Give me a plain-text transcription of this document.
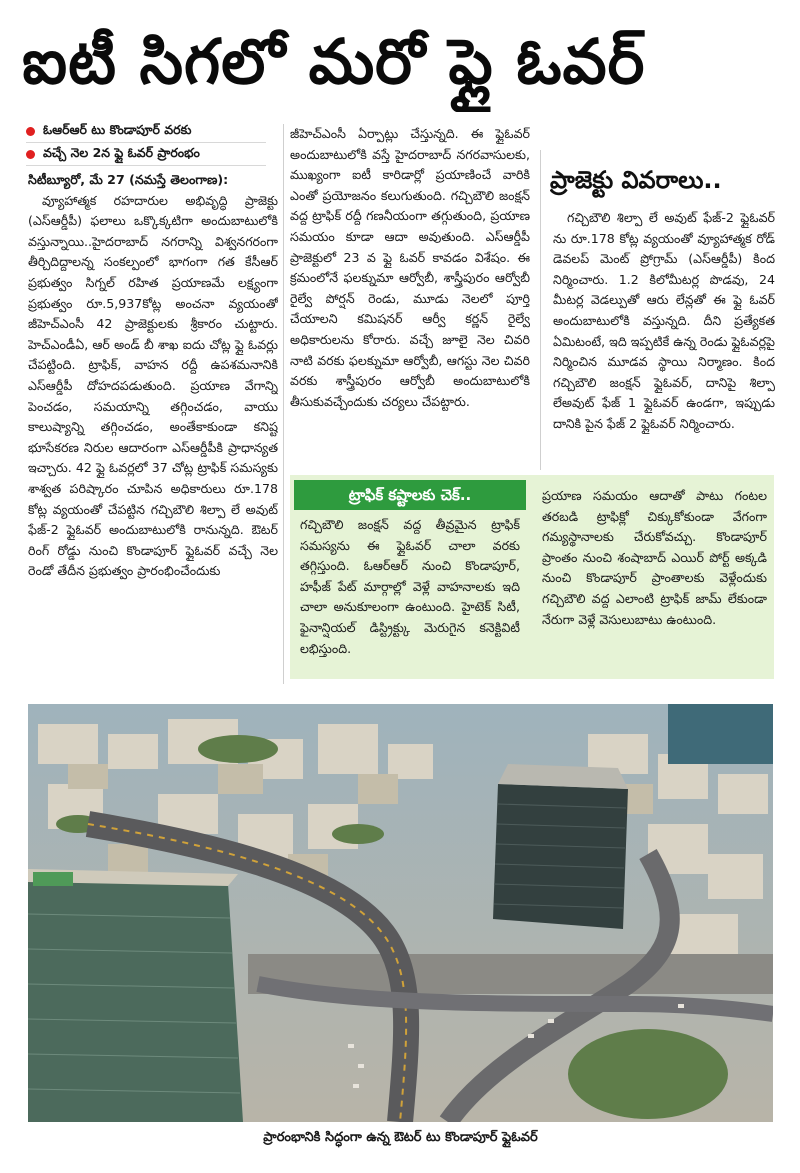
ఐటీ సిగలో మరో ఫ్లై ఓవర్
ఓఆర్ఆర్ టు కొండాపూర్ వరకు
వచ్చే నెల 2న ఫ్లై ఓవర్ ప్రారంభం
సిటీబ్యూరో, మే 27 (నమస్తే తెలంగాణ):

వ్యూహాత్మక రహదారుల అభివృద్ధి ప్రాజెక్టు (ఎస్ఆర్డీపీ) ఫలాలు ఒక్కొక్కటిగా అందుబాటులోకి వస్తున్నాయి..హైదరాబాద్ నగరాన్ని విశ్వనగరంగా తీర్చిదిద్దాలన్న సంకల్పంలో భాగంగా గత కేసీఆర్ ప్రభుత్వం సిగ్నల్ రహిత ప్రయాణమే లక్ష్యంగా ప్రభుత్వం రూ.5,937కోట్ల అంచనా వ్యయంతో జీహెచ్ఎంసీ 42 ప్రాజెక్టులకు శ్రీకారం చుట్టారు. హెచ్ఎండీఏ, ఆర్ అండ్ బీ శాఖ ఐదు చోట్ల ఫ్లై ఓవర్లు చేపట్టింది. ట్రాఫిక్, వాహన రద్దీ ఉపశమనానికి ఎస్ఆర్డీపీ దోహదపడుతుంది. ప్రయాణ వేగాన్ని పెంచడం, సమయాన్ని తగ్గించడం, వాయు కాలుష్యాన్ని తగ్గించడం, అంతేకాకుండా కనిష్ట భూసేకరణ నిరుల ఆదారంగా ఎస్ఆర్డీపీకి ప్రాధాన్యత ఇచ్చారు. 42 ఫ్లై ఓవర్లలో 37 చోట్ల ట్రాఫిక్ సమస్యకు శాశ్వత పరిష్కారం చూపిన అధికారులు రూ.178 కోట్ల వ్యయంతో చేపట్టిన గచ్చిబౌలి శిల్పా లే అవుట్ ఫేజ్-2 ఫ్లైఓవర్ అందుబాటులోకి రానున్నది. ఔటర్ రింగ్ రోడ్డు నుంచి కొండాపూర్ ఫ్లైఓవర్ వచ్చే నెల రెండో తేదీన ప్రభుత్వం ప్రారంభించేందుకు

జీహెచ్ఎంసీ ఏర్పాట్లు చేస్తున్నది. ఈ ఫ్లైఓవర్ అందుబాటులోకి వస్తే హైదరాబాద్ నగరవాసులకు, ముఖ్యంగా ఐటీ కారిడార్లో ప్రయాణించే వారికి ఎంతో ప్రయోజనం కలుగుతుంది. గచ్చిబౌలి జంక్షన్ వద్ద ట్రాఫిక్ రద్దీ గణనీయంగా తగ్గుతుంది, ప్రయాణ సమయం కూడా ఆదా అవుతుంది. ఎస్ఆర్డీపీ ప్రాజెక్టులో 23 వ ఫ్లై ఓవర్ కావడం విశేషం. ఈ క్రమంలోనే ఫలక్నుమా ఆర్వోబీ, శాస్త్రీపురం ఆర్వోబీ రైల్వే పోర్షన్ రెండు, మూడు నెలలో పూర్తి చేయాలని కమిషనర్ ఆర్వీ కర్ణన్ రైల్వే అధికారులను కోరారు. వచ్చే జూలై నెల చివరి నాటి వరకు ఫలక్నుమా ఆర్వోబీ, ఆగస్టు నెల చివరి వరకు శాస్త్రీపురం ఆర్వోబీ అందుబాటులోకి తీసుకువచ్చేందుకు చర్యలు చేపట్టారు.

ప్రాజెక్టు వివరాలు..

గచ్చిబౌలి శిల్పా లే అవుట్ ఫేజ్-2 ఫ్లైఓవర్ ను రూ.178 కోట్ల వ్యయంతో వ్యూహాత్మక రోడ్ డెవలప్ మెంట్ ప్రోగ్రామ్ (ఎస్ఆర్డీపీ) కింద నిర్మించారు. 1.2 కిలోమీటర్ల పొడవు, 24 మీటర్ల వెడల్పుతో ఆరు లేన్లతో ఈ ఫ్లై ఓవర్ అందుబాటులోకి వస్తున్నది. దీని ప్రత్యేకత ఏమిటంటే, ఇది ఇప్పటికే ఉన్న రెండు ఫ్లైఓవర్లపై నిర్మించిన మూడవ స్థాయి నిర్మాణం. కింద గచ్చిబౌలి జంక్షన్ ఫ్లైఓవర్, దానిపై శిల్పా లేఅవుట్ ఫేజ్ 1 ఫ్లైఓవర్ ఉండగా, ఇప్పుడు దానికి పైన ఫేజ్ 2 ఫ్లైఓవర్ నిర్మించారు.

ట్రాఫిక్ కష్టాలకు చెక్..

గచ్చిబౌలి జంక్షన్ వద్ద తీవ్రమైన ట్రాఫిక్ సమస్యను ఈ ఫ్లైఓవర్ చాలా వరకు తగ్గిస్తుంది. ఓఆర్ఆర్ నుంచి కొండాపూర్, హఫీజ్ పేట్ మార్గాల్లో వెళ్లే వాహనాలకు ఇది చాలా అనుకూలంగా ఉంటుంది. హైటెక్ సిటీ, ఫైనాన్షియల్ డిస్ట్రిక్ట్కు మెరుగైన కనెక్టివిటీ లభిస్తుంది.

ప్రయాణ సమయం ఆదాతో పాటు గంటల తరబడి ట్రాఫిక్లో చిక్కుకోకుండా వేగంగా గమ్యస్థానాలకు చేరుకోవచ్చు. కొండాపూర్ ప్రాంతం నుంచి శంషాబాద్ ఎయిర్ పోర్ట్ అక్కడి నుంచి కొండాపూర్ ప్రాంతాలకు వెళ్లేందుకు గచ్చిబౌలి వద్ద ఎలాంటి ట్రాఫిక్ జామ్ లేకుండా నేరుగా వెళ్లే వెసులుబాటు ఉంటుంది.

ప్రారంభానికి సిద్ధంగా ఉన్న ఔటర్ టు కొండాపూర్ ఫ్లైఓవర్
